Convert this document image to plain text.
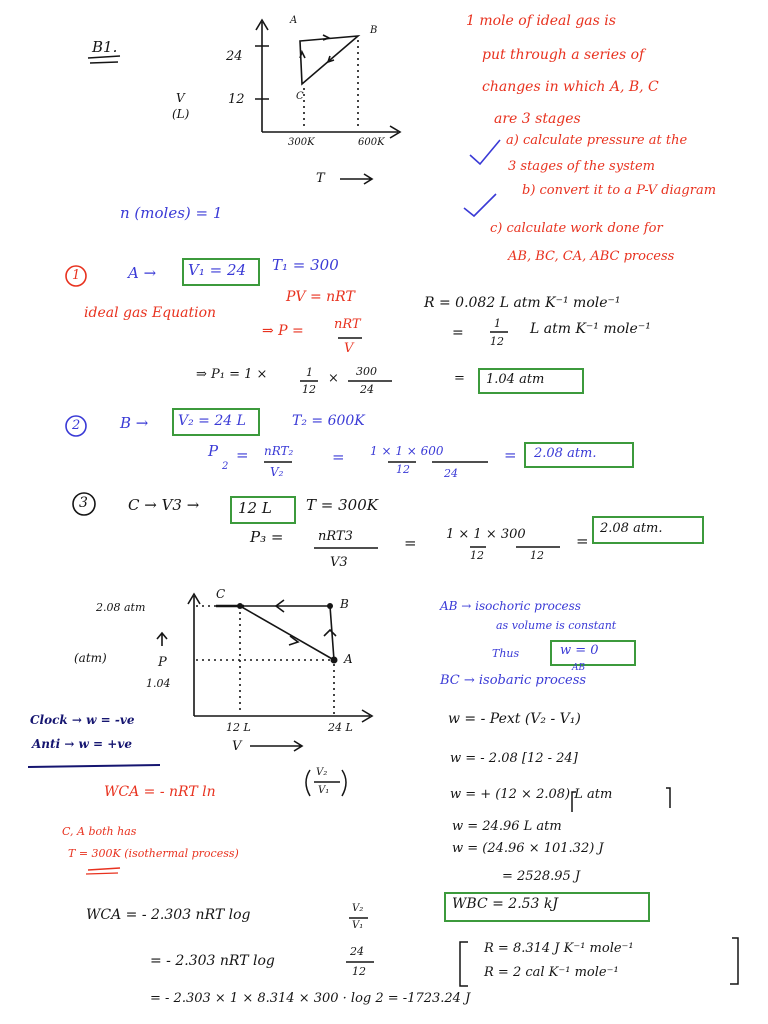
B1.
A
B
C
24
12
V
(L)
300K	600K
T
1 mole of ideal gas is
put through a series of
changes in which A, B, C
are 3 stages
a) calculate pressure at the
3 stages of the system
b) convert it to a P-V diagram
c) calculate work done for
AB, BC, CA, ABC process
n (moles) = 1
1	A → V₁ = 24 T₁ = 300
ideal gas Equation
PV = nRT
⇒ P = nRT
V
R = 0.082 L atm K⁻¹ mole⁻¹
=
1
12
L atm K⁻¹ mole⁻¹
⇒ P₁ = 1 ×	1
12
× 300
24
= 1.04 atm
2	B → V₂ = 24 L	T₂ = 600K
P
2
= nRT₂
V₂
= 1 × 1 × 600
12	24
= 2.08 atm.
3	C → V3 →	12 L T = 300K
P₃ =	nRT3
V3
= 1 × 1 × 300
12	12
=
2.08 atm.
2.08 atm
1.04
P
(atm)
C
B
A
12 L	24 L
V
Clock → w = -ve
Anti → w = +ve
AB → isochoric process
as volume is constant
Thus	w = 0
AB
BC → isobaric process
w = - Pext (V₂ - V₁)
w = - 2.08 [12 - 24]
w = + (12 × 2.08) L atm
w = 24.96 L atm
w = (24.96 × 101.32) J
= 2528.95 J
WBC = 2.53 kJ
WCA = - nRT ln
V₂
V₁
C, A both has
T = 300K (isothermal process)
WCA = - 2.303 nRT log	V₂
V₁
= - 2.303 nRT log
24
12
= - 2.303 × 1 × 8.314 × 300 · log 2 = -1723.24 J
R = 8.314 J K⁻¹ mole⁻¹
R = 2 cal K⁻¹ mole⁻¹
